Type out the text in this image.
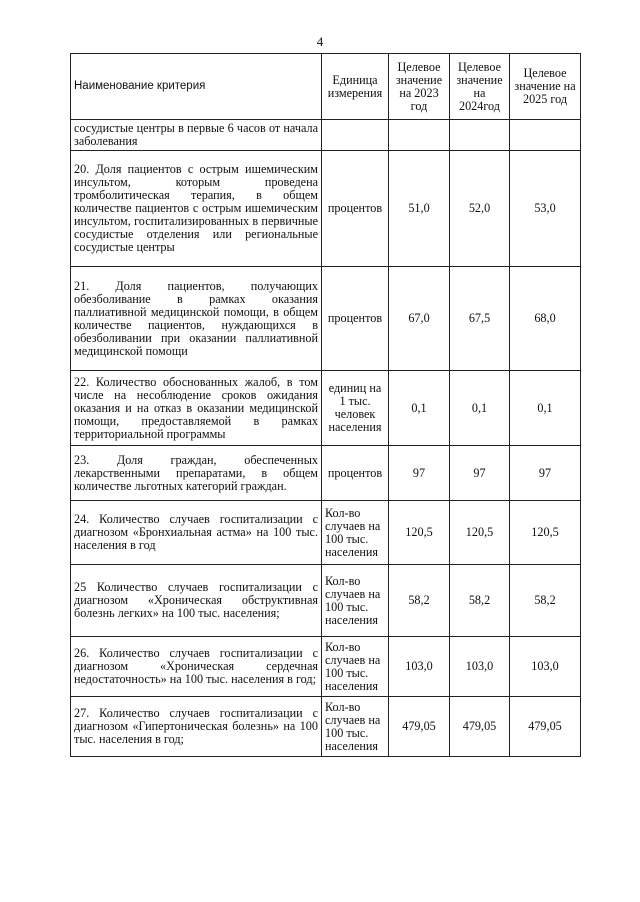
4
Наименование критерия	Единица измерения	Целевое значение на 2023 год	Целевое значение на 2024год	Целевое значение на 2025 год
сосудистые центры в первые 6 часов от начала заболевания				
20. Доля пациентов с острым ишемическим инсультом, которым проведена тромболитическая терапия, в общем количестве пациентов с острым ишемическим инсультом, госпитализированных в первичные сосудистые отделения или региональные сосудистые центры	процентов	51,0	52,0	53,0
21. Доля пациентов, получающих обезболивание в рамках оказания паллиативной медицинской помощи, в общем количестве пациентов, нуждающихся в обезболивании при оказании паллиативной медицинской помощи	процентов	67,0	67,5	68,0
22. Количество обоснованных жалоб, в том числе на несоблюдение сроков ожидания оказания и на отказ в оказании медицинской помощи, предоставляемой в рамках территориальной программы	единиц на 1 тыс. человек населения	0,1	0,1	0,1
23. Доля граждан, обеспеченных лекарственными препаратами, в общем количестве льготных категорий граждан.	процентов	97	97	97
24. Количество случаев госпитализации с диагнозом «Бронхиальная астма» на 100 тыс. населения в год	Кол-во случаев на 100 тыс. населения	120,5	120,5	120,5
25 Количество случаев госпитализации с диагнозом «Хроническая обструктивная болезнь легких» на 100 тыс. населения;	Кол-во случаев на 100 тыс. населения	58,2	58,2	58,2
26. Количество случаев госпитализации с диагнозом «Хроническая сердечная недостаточность» на 100 тыс. населения в год;	Кол-во случаев на 100 тыс. населения	103,0	103,0	103,0
27. Количество случаев госпитализации с диагнозом «Гипертоническая болезнь» на 100 тыс. населения в год;	Кол-во случаев на 100 тыс. населения	479,05	479,05	479,05
